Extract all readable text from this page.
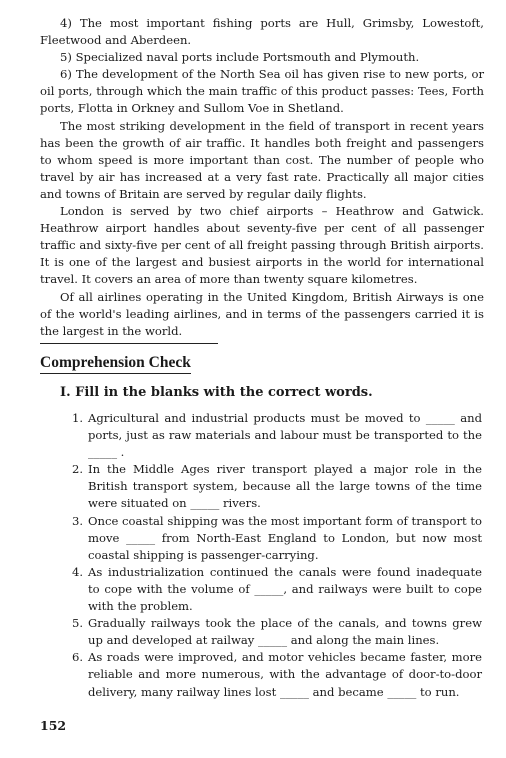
4) The most important fishing ports are Hull, Grimsby, Lowestoft, Fleetwood and Aberdeen.

5) Specialized naval ports include Portsmouth and Plymouth.

6) The development of the North Sea oil has given rise to new ports, or oil ports, through which the main traffic of this product passes: Tees, Forth ports, Flotta in Orkney and Sullom Voe in Shetland.

The most striking development in the field of transport in recent years has been the growth of air traffic. It handles both freight and passengers to whom speed is more important than cost. The number of people who travel by air has increased at a very fast rate. Practically all major cities and towns of Britain are served by regular daily flights.

London is served by two chief airports – Heathrow and Gatwick. Heathrow airport handles about seventy-five per cent of all passenger traffic and sixty-five per cent of all freight passing through British airports. It is one of the largest and busiest airports in the world for international travel. It covers an area of more than twenty square kilometres.

Of all airlines operating in the United Kingdom, British Airways is one of the world's leading airlines, and in terms of the passengers carried it is the largest in the world.

Comprehension Check
I. Fill in the blanks with the correct words.
1. Agricultural and industrial products must be moved to _____ and ports, just as raw materials and labour must be transported to the _____ .
2. In the Middle Ages river transport played a major role in the British transport system, because all the large towns of the time were situated on _____ rivers.
3. Once coastal shipping was the most important form of transport to move _____ from North-East England to London, but now most coastal shipping is passenger-carrying.
4. As industrialization continued the canals were found inadequate to cope with the volume of _____, and railways were built to cope with the problem.
5. Gradually railways took the place of the canals, and towns grew up and developed at railway _____ and along the main lines.
6. As roads were improved, and motor vehicles became faster, more reliable and more numerous, with the advantage of door-to-door delivery, many railway lines lost _____ and became _____ to run.
152
